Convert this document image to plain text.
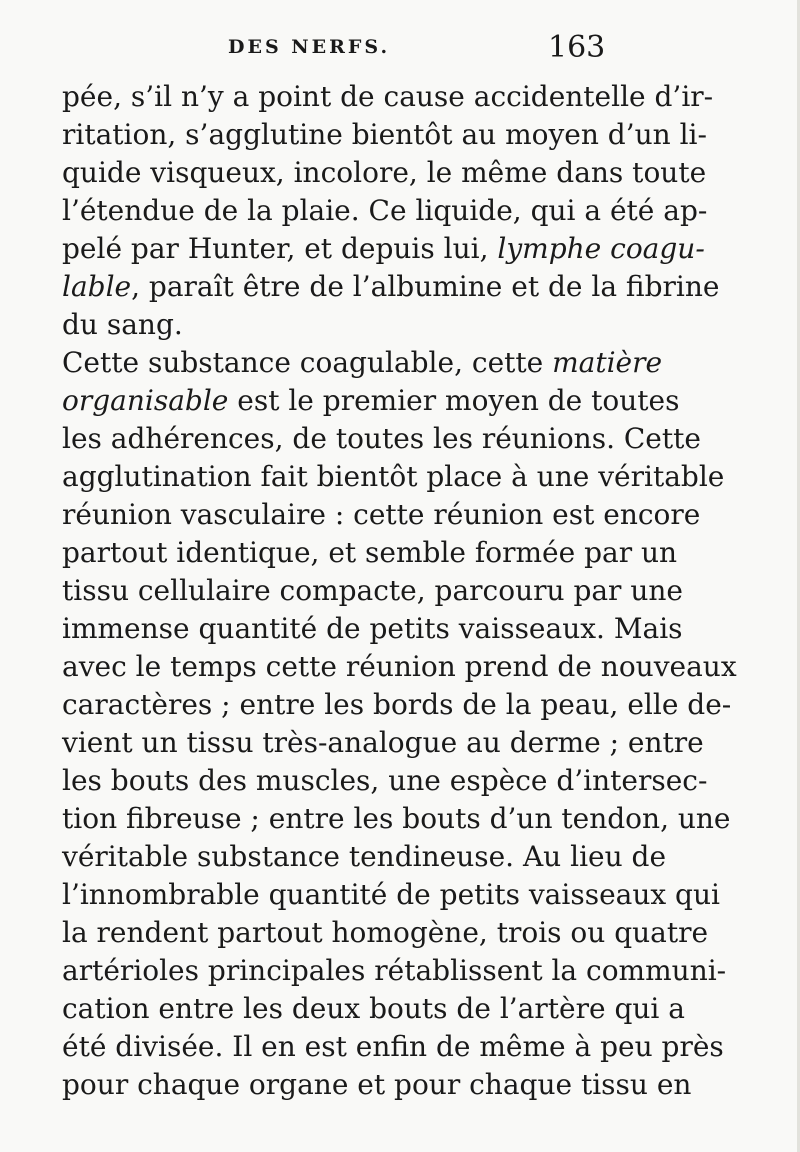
DES NERFS.	163
pée, s’il n’y a point de cause accidentelle d’ir-
ritation, s’agglutine bientôt au moyen d’un li-
quide visqueux, incolore, le même dans toute
l’étendue de la plaie. Ce liquide, qui a été ap-
pelé par Hunter, et depuis lui, lymphe coagu-
lable, paraît être de l’albumine et de la fibrine
du sang.
Cette substance coagulable, cette matière
organisable est le premier moyen de toutes
les adhérences, de toutes les réunions. Cette
agglutination fait bientôt place à une véritable
réunion vasculaire : cette réunion est encore
partout identique, et semble formée par un
tissu cellulaire compacte, parcouru par une
immense quantité de petits vaisseaux. Mais
avec le temps cette réunion prend de nouveaux
caractères ; entre les bords de la peau, elle de-
vient un tissu très-analogue au derme ; entre
les bouts des muscles, une espèce d’intersec-
tion fibreuse ; entre les bouts d’un tendon, une
véritable substance tendineuse. Au lieu de
l’innombrable quantité de petits vaisseaux qui
la rendent partout homogène, trois ou quatre
artérioles principales rétablissent la communi-
cation entre les deux bouts de l’artère qui a
été divisée. Il en est enfin de même à peu près
pour chaque organe et pour chaque tissu en
